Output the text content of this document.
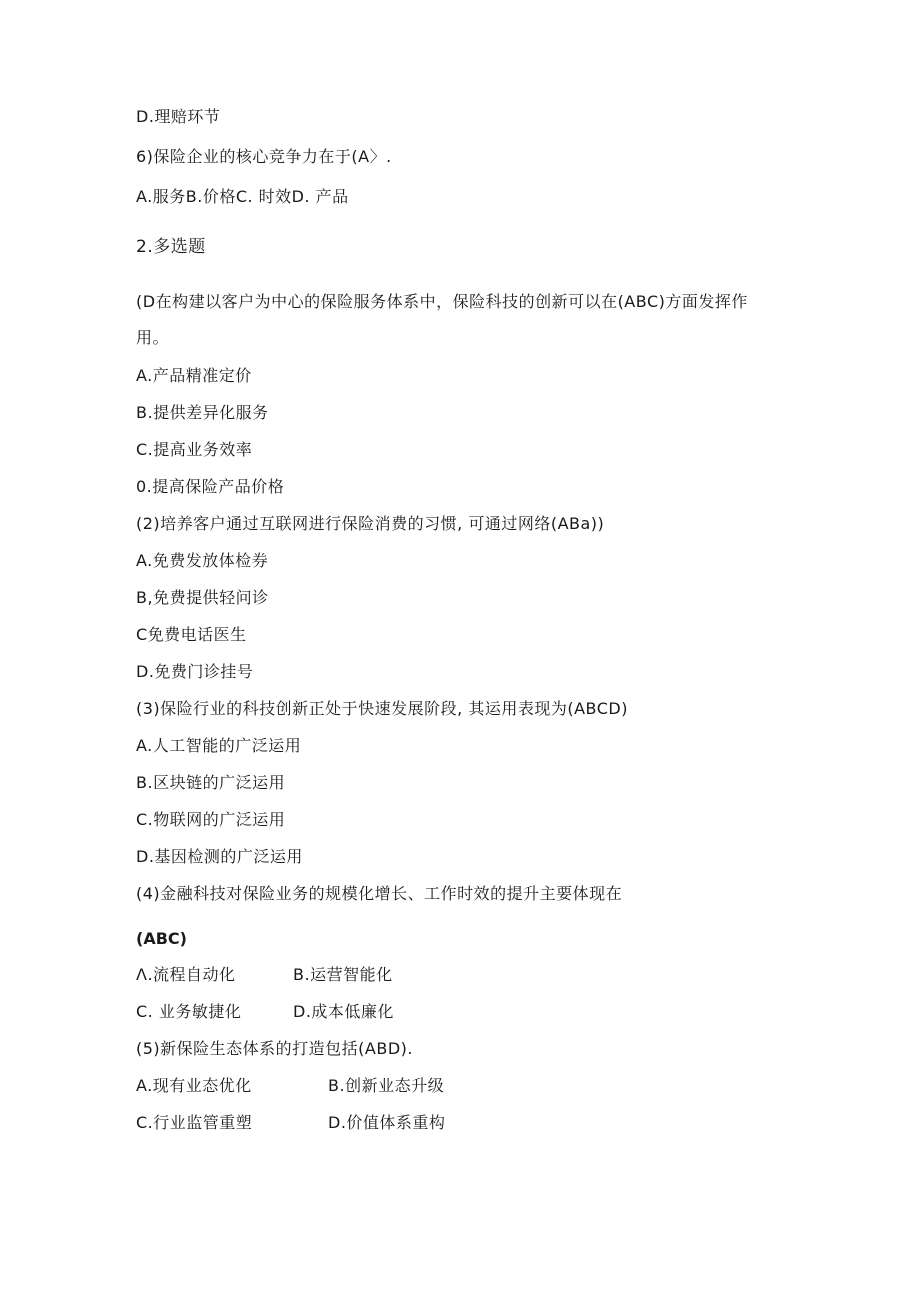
D.理赔环节
6)保险企业的核心竞争力在于(A〉.
A.服务B.价格C. 时效D. 产品
2.多选题
(D在构建以客户为中心的保险服务体系中，保险科技的创新可以在(ABC)方面发挥作
用。
A.产品精准定价
B.提供差异化服务
C.提高业务效率
0.提高保险产品价格
(2)培养客户通过互联网进行保险消费的习惯, 可通过网络(ABa))
A.免费发放体检券
B,免费提供轻问诊
C免费电话医生
D.免费门诊挂号
(3)保险行业的科技创新正处于快速发展阶段, 其运用表现为(ABCD)
A.人工智能的广泛运用
B.区块链的广泛运用
C.物联网的广泛运用
D.基因检测的广泛运用
(4)金融科技对保险业务的规模化增长、工作时效的提升主要体现在
(ABC)
Λ.流程自动化	B.运营智能化
C. 业务敏捷化	D.成本低廉化
(5)新保险生态体系的打造包括(ABD).
A.现有业态优化	B.创新业态升级
C.行业监管重塑	D.价值体系重构
